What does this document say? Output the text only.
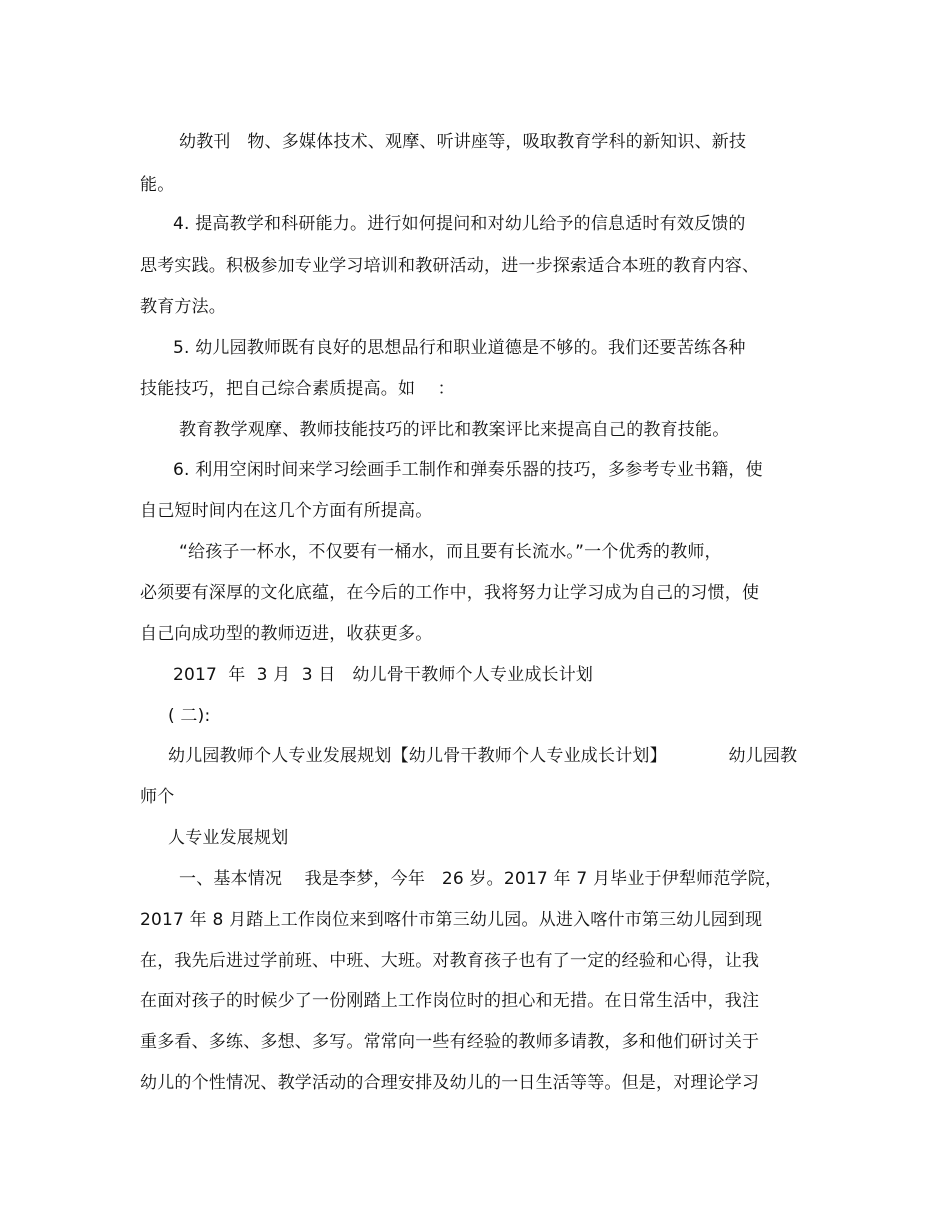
幼教刊   物、多媒体技术、观摩、听讲座等，吸取教育学科的新知识、新技
能。
4. 提高教学和科研能力。进行如何提问和对幼儿给予的信息适时有效反馈的
思考实践。积极参加专业学习培训和教研活动，进一步探索适合本班的教育内容、
教育方法。
5. 幼儿园教师既有良好的思想品行和职业道德是不够的。我们还要苦练各种
技能技巧，把自己综合素质提高。如    ：
教育教学观摩、教师技能技巧的评比和教案评比来提高自己的教育技能。
6. 利用空闲时间来学习绘画手工制作和弹奏乐器的技巧，多参考专业书籍，使
自己短时间内在这几个方面有所提高。
“给孩子一杯水，不仅要有一桶水，而且要有长流水。”一个优秀的教师，
必须要有深厚的文化底蕴，在今后的工作中，我将努力让学习成为自己的习惯，使
自己向成功型的教师迈进，收获更多。
2017  年  3 月  3 日   幼儿骨干教师个人专业成长计划
( 二):
幼儿园教师个人专业发展规划【幼儿骨干教师个人专业成长计划】           幼儿园教
师个
人专业发展规划
一、基本情况    我是李梦，今年   26 岁。2017 年 7 月毕业于伊犁师范学院，
2017 年 8 月踏上工作岗位来到喀什市第三幼儿园。从进入喀什市第三幼儿园到现
在，我先后进过学前班、中班、大班。对教育孩子也有了一定的经验和心得，让我
在面对孩子的时候少了一份刚踏上工作岗位时的担心和无措。在日常生活中，我注
重多看、多练、多想、多写。常常向一些有经验的教师多请教，多和他们研讨关于
幼儿的个性情况、教学活动的合理安排及幼儿的一日生活等等。但是，对理论学习
